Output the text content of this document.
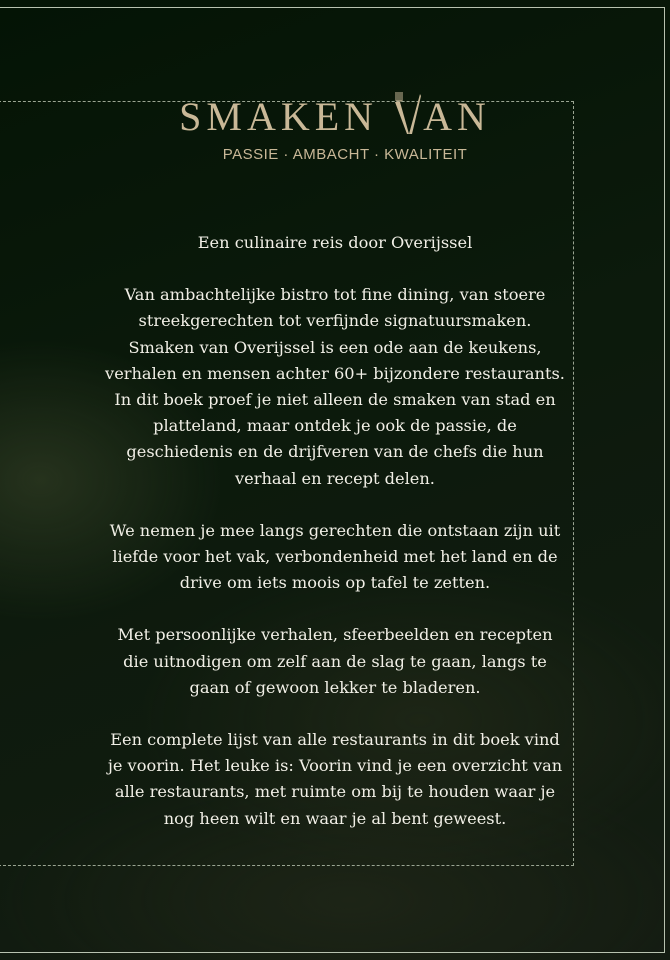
SMAKEN AN
PASSIE · AMBACHT · KWALITEIT

Een culinaire reis door Overijssel

Van ambachtelijke bistro tot fine dining, van stoere
streekgerechten tot verfijnde signatuursmaken.
Smaken van Overijssel is een ode aan de keukens,
verhalen en mensen achter 60+ bijzondere restaurants.
In dit boek proef je niet alleen de smaken van stad en
platteland, maar ontdek je ook de passie, de
geschiedenis en de drijfveren van de chefs die hun
verhaal en recept delen.

We nemen je mee langs gerechten die ontstaan zijn uit
liefde voor het vak, verbondenheid met het land en de
drive om iets moois op tafel te zetten.

Met persoonlijke verhalen, sfeerbeelden en recepten
die uitnodigen om zelf aan de slag te gaan, langs te
gaan of gewoon lekker te bladeren.

Een complete lijst van alle restaurants in dit boek vind
je voorin. Het leuke is: Voorin vind je een overzicht van
alle restaurants, met ruimte om bij te houden waar je
nog heen wilt en waar je al bent geweest.
